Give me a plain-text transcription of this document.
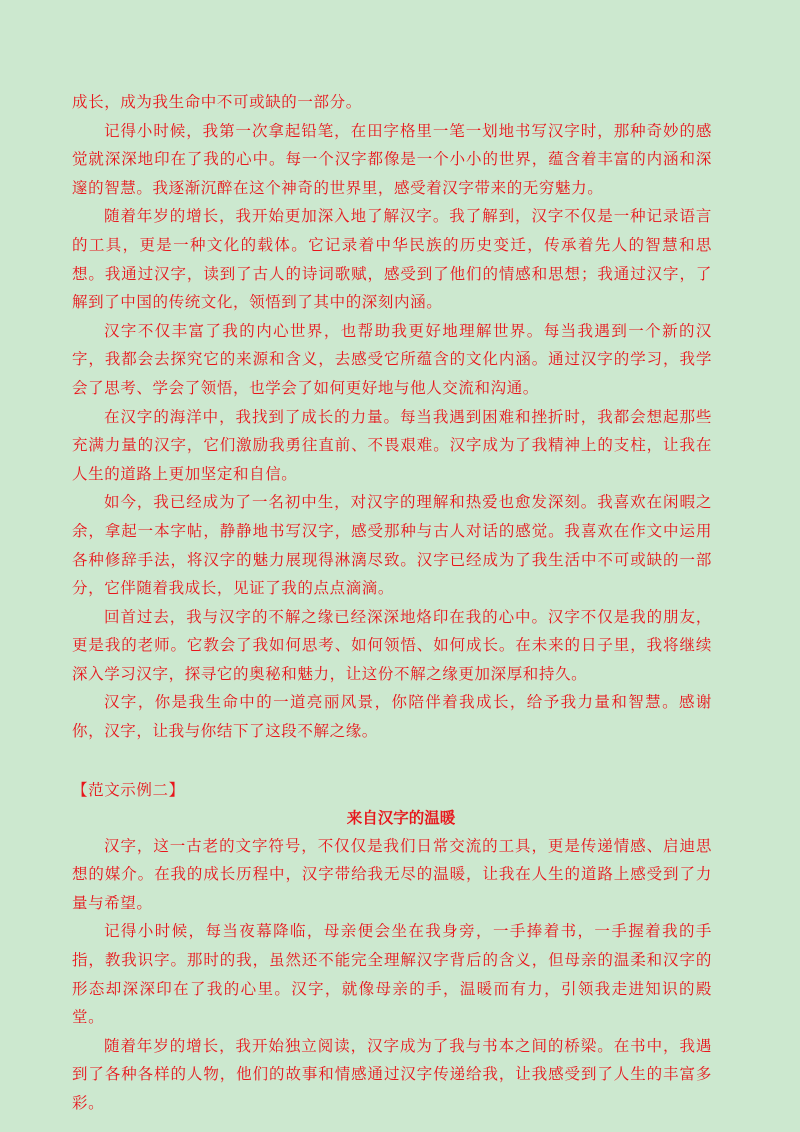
成长，成为我生命中不可或缺的一部分。

记得小时候，我第一次拿起铅笔，在田字格里一笔一划地书写汉字时，那种奇妙的感觉就深深地印在了我的心中。每一个汉字都像是一个小小的世界，蕴含着丰富的内涵和深邃的智慧。我逐渐沉醉在这个神奇的世界里，感受着汉字带来的无穷魅力。

随着年岁的增长，我开始更加深入地了解汉字。我了解到，汉字不仅是一种记录语言的工具，更是一种文化的载体。它记录着中华民族的历史变迁，传承着先人的智慧和思想。我通过汉字，读到了古人的诗词歌赋，感受到了他们的情感和思想；我通过汉字，了解到了中国的传统文化，领悟到了其中的深刻内涵。

汉字不仅丰富了我的内心世界，也帮助我更好地理解世界。每当我遇到一个新的汉字，我都会去探究它的来源和含义，去感受它所蕴含的文化内涵。通过汉字的学习，我学会了思考、学会了领悟，也学会了如何更好地与他人交流和沟通。

在汉字的海洋中，我找到了成长的力量。每当我遇到困难和挫折时，我都会想起那些充满力量的汉字，它们激励我勇往直前、不畏艰难。汉字成为了我精神上的支柱，让我在人生的道路上更加坚定和自信。

如今，我已经成为了一名初中生，对汉字的理解和热爱也愈发深刻。我喜欢在闲暇之余，拿起一本字帖，静静地书写汉字，感受那种与古人对话的感觉。我喜欢在作文中运用各种修辞手法，将汉字的魅力展现得淋漓尽致。汉字已经成为了我生活中不可或缺的一部分，它伴随着我成长，见证了我的点点滴滴。

回首过去，我与汉字的不解之缘已经深深地烙印在我的心中。汉字不仅是我的朋友，更是我的老师。它教会了我如何思考、如何领悟、如何成长。在未来的日子里，我将继续深入学习汉字，探寻它的奥秘和魅力，让这份不解之缘更加深厚和持久。

汉字，你是我生命中的一道亮丽风景，你陪伴着我成长，给予我力量和智慧。感谢你，汉字，让我与你结下了这段不解之缘。

【范文示例二】
来自汉字的温暖

汉字，这一古老的文字符号，不仅仅是我们日常交流的工具，更是传递情感、启迪思想的媒介。在我的成长历程中，汉字带给我无尽的温暖，让我在人生的道路上感受到了力量与希望。

记得小时候，每当夜幕降临，母亲便会坐在我身旁，一手捧着书，一手握着我的手指，教我识字。那时的我，虽然还不能完全理解汉字背后的含义，但母亲的温柔和汉字的形态却深深印在了我的心里。汉字，就像母亲的手，温暖而有力，引领我走进知识的殿堂。

随着年岁的增长，我开始独立阅读，汉字成为了我与书本之间的桥梁。在书中，我遇到了各种各样的人物，他们的故事和情感通过汉字传递给我，让我感受到了人生的丰富多彩。
